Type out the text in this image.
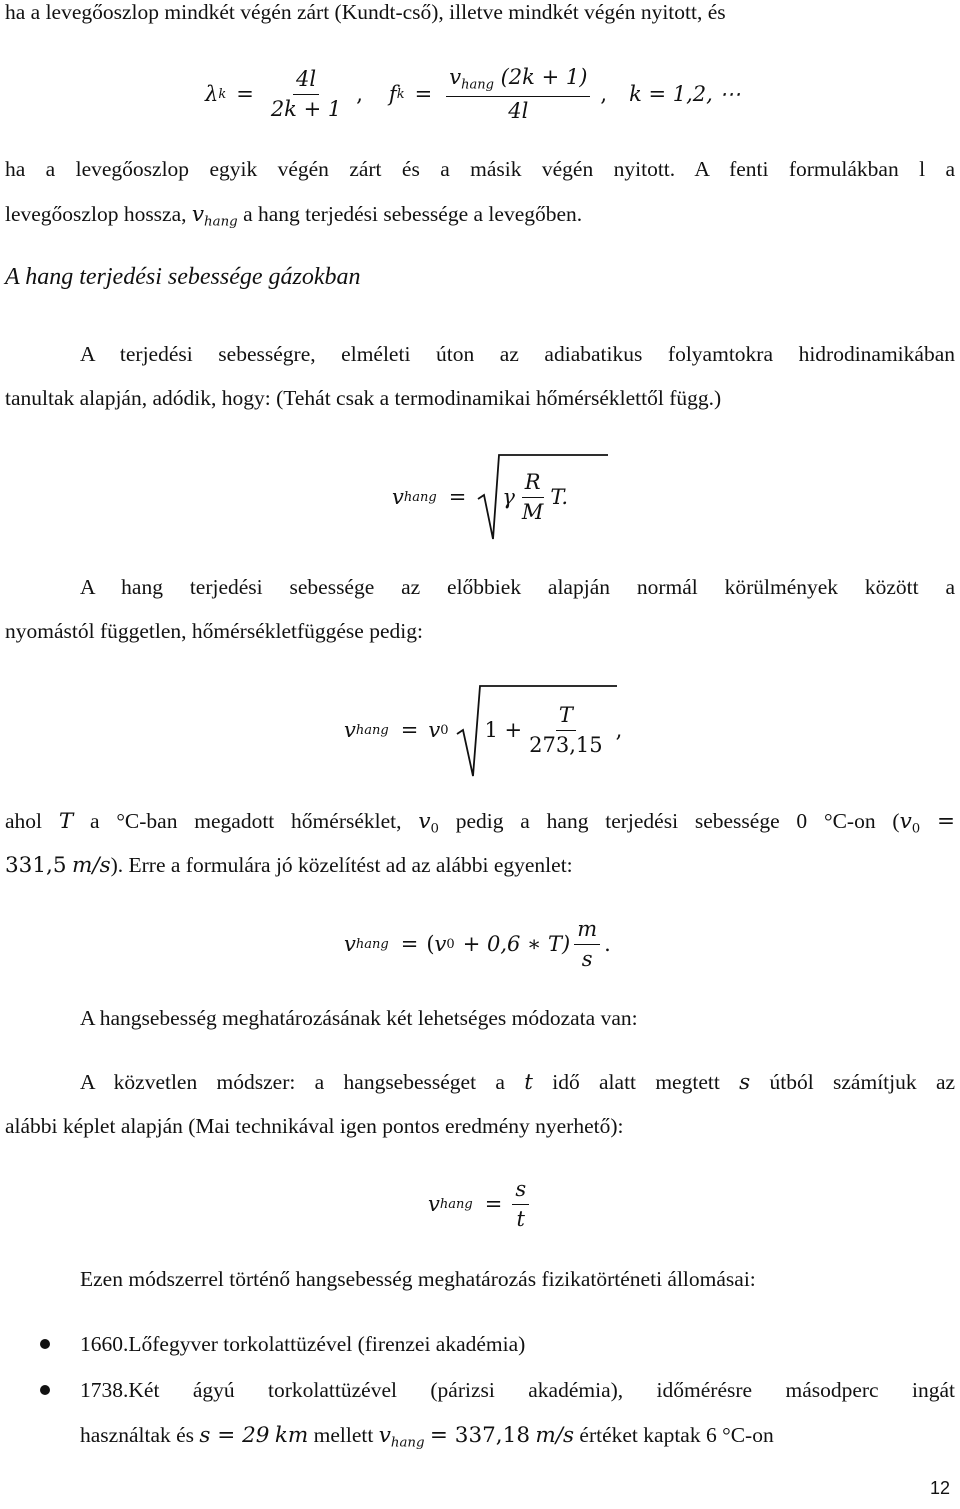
ha a levegőoszlop mindkét végén zárt (Kundt-cső), illetve mindkét végén nyitott, és
λ $k = \frac{4l}{2k + 1}$ , f $k = \frac{v_{hang} (2k + 1)}{4l}$ , k = 1,2, ⋯
ha a levegőoszlop egyik végén zárt és a másik végén nyitott. A fenti formulákban l a
levegőoszlop hossza, $v_{hang}$ a hang terjedési sebessége a levegőben.
A hang terjedési sebessége gázokban
A terjedési sebességre, elméleti úton az adiabatikus folyamtokra hidrodinamikában
tanultak alapján, adódik, hogy: (Tehát csak a termodinamikai hőmérséklettől függ.)
v hang = γ $\frac{R}{M} T$.
A hang terjedési sebessége az előbbiek alapján normál körülmények között a
nyomástól független, hőmérsékletfüggése pedig:
v hang = v 0 $1 + \frac{T}{273,15}$ ,
ahol T a °C-ban megadott hőmérséklet, $v_0$ pedig a hang terjedési sebessége 0 °C-on ($v_0$ =
331,5 m/s). Erre a formulára jó közelítést ad az alábbi egyenlet:
v hang = ( v 0 + 0,6 ∗ $T) \frac{m}{s}$ .
A hangsebesség meghatározásának két lehetséges módozata van:
A közvetlen módszer: a hangsebességet a t idő alatt megtett s útból számítjuk az
alábbi képlet alapján (Mai technikával igen pontos eredmény nyerhető):
v hang = $\frac{s}{t}$
Ezen módszerrel történő hangsebesség meghatározás fizikatörténeti állomásai:
1660.Lőfegyver torkolattüzével (firenzei akadémia)
1738.Két ágyú torkolattüzével (párizsi akadémia), időmérésre másodperc ingát
használtak és s = 29 km mellett $v_{hang} = 337,18$ m/s értéket kaptak 6 °C-on
12
